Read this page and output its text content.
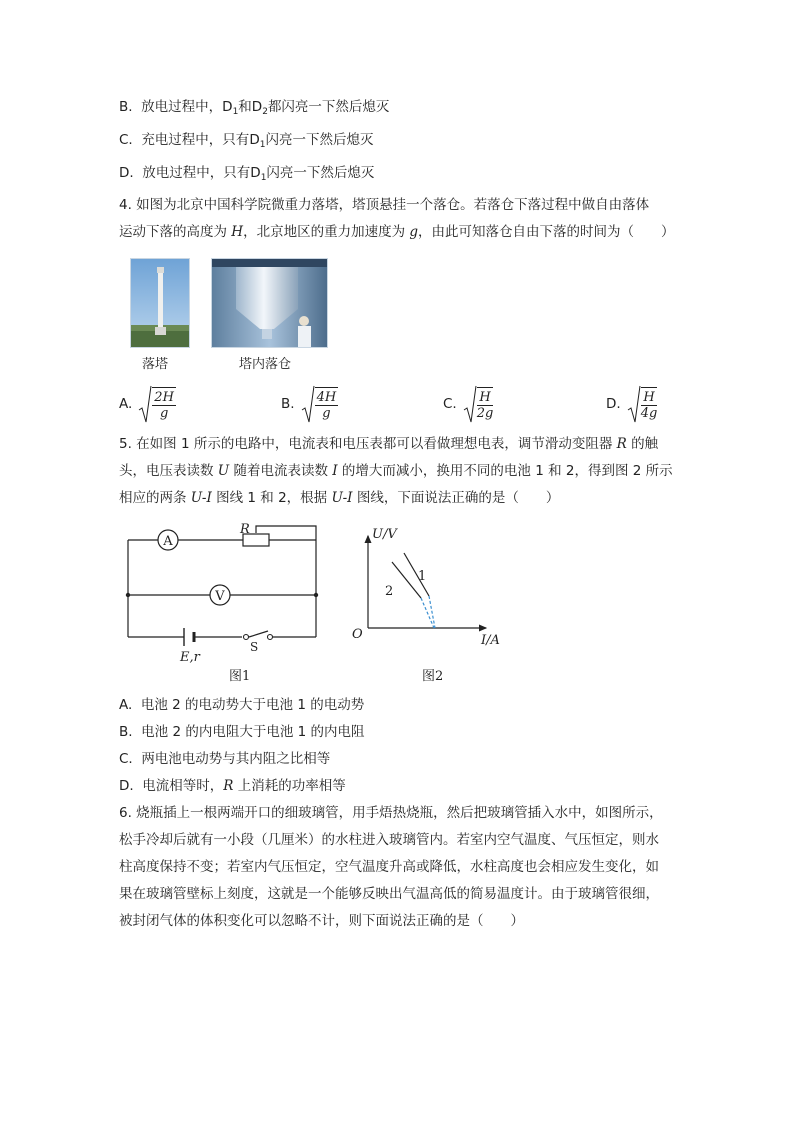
B. 放电过程中，$D_1$和$D_2$都闪亮一下然后熄灭
C. 充电过程中，只有$D_1$闪亮一下然后熄灭
D. 放电过程中，只有$D_1$闪亮一下然后熄灭
4. 如图为北京中国科学院微重力落塔，塔顶悬挂一个落仓。若落仓下落过程中做自由落体
运动下落的高度为 H，北京地区的重力加速度为 g，由此可知落仓自由下落的时间为（　　）
落塔	塔内落仓
A. $\frac{2H}{g}$	B. $\frac{4H}{g}$	C. $\frac{H}{2g}$	D. $\frac{H}{4g}$
5. 在如图 1 所示的电路中，电流表和电压表都可以看做理想电表，调节滑动变阻器 R 的触
头，电压表读数 U 随着电流表读数 I 的增大而减小，换用不同的电池 1 和 2，得到图 2 所示
相应的两条 U-I 图线 1 和 2，根据 U-I 图线，下面说法正确的是（　　）
A
V
R
E,r
S
图1
U/V
I/A
O
1
2
图2
A. 电池 2 的电动势大于电池 1 的电动势
B. 电池 2 的内电阻大于电池 1 的内电阻
C. 两电池电动势与其内阻之比相等
D. 电流相等时，R 上消耗的功率相等
6. 烧瓶插上一根两端开口的细玻璃管，用手焐热烧瓶，然后把玻璃管插入水中，如图所示，
松手冷却后就有一小段（几厘米）的水柱进入玻璃管内。若室内空气温度、气压恒定，则水
柱高度保持不变；若室内气压恒定，空气温度升高或降低，水柱高度也会相应发生变化，如
果在玻璃管壁标上刻度，这就是一个能够反映出气温高低的简易温度计。由于玻璃管很细，
被封闭气体的体积变化可以忽略不计，则下面说法正确的是（　　）
